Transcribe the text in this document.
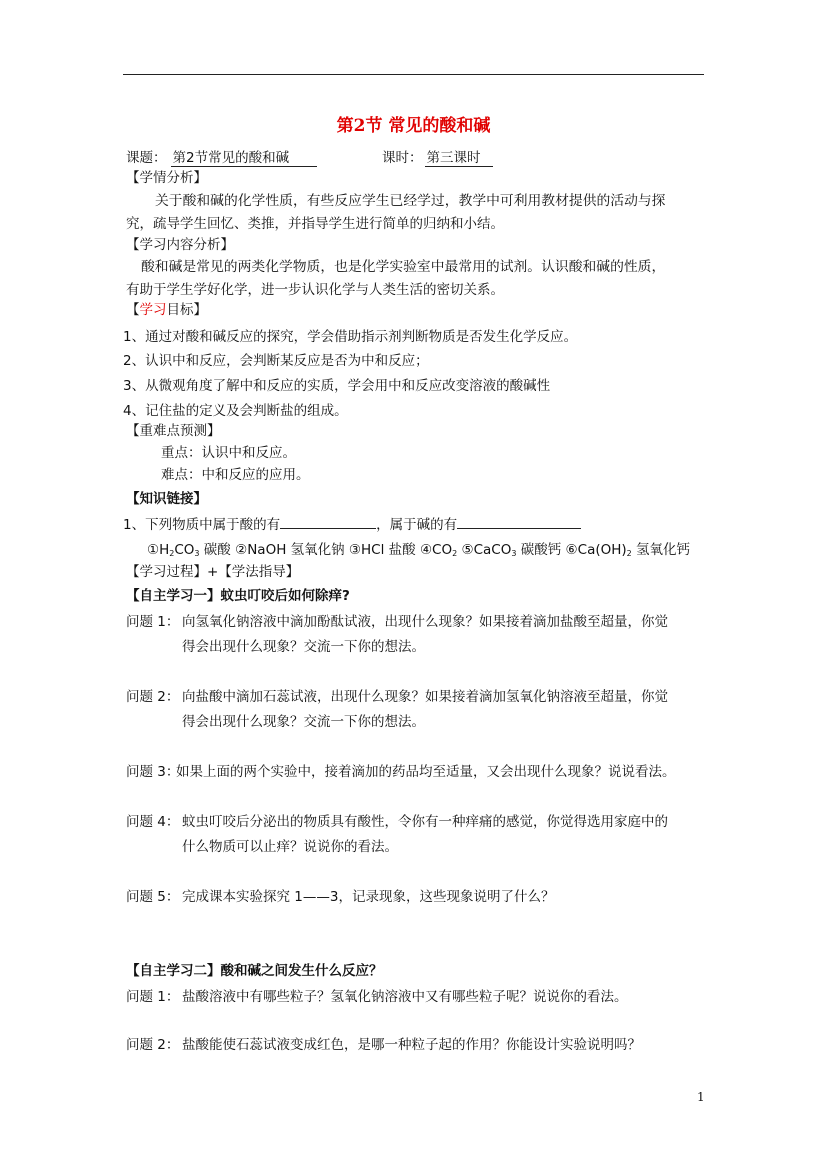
第2节 常见的酸和碱
课题： 第2节常见的酸和碱	课时： 第三课时
【学情分析】
关于酸和碱的化学性质，有些反应学生已经学过，教学中可利用教材提供的活动与探
究，疏导学生回忆、类推，并指导学生进行简单的归纳和小结。
【学习内容分析】
酸和碱是常见的两类化学物质，也是化学实验室中最常用的试剂。认识酸和碱的性质，
有助于学生学好化学，进一步认识化学与人类生活的密切关系。
【学习目标】
1、通过对酸和碱反应的探究，学会借助指示剂判断物质是否发生化学反应。
2、认识中和反应，会判断某反应是否为中和反应；
3、从微观角度了解中和反应的实质，学会用中和反应改变溶液的酸碱性
4、记住盐的定义及会判断盐的组成。
【重难点预测】
重点：认识中和反应。
难点：中和反应的应用。
【知识链接】
1、下列物质中属于酸的有	，属于碱的有
$①H_2CO_3$ 碳酸 ②NaOH 氢氧化钠 ③HCl 盐酸 $④CO_2$ ⑤CaCO$_3$ 碳酸钙 $⑥Ca(OH)_2$ 氢氧化钙
【学习过程】+【学法指导】
【自主学习一】蚊虫叮咬后如何除痒?
问题 1： 向氢氧化钠溶液中滴加酚酞试液，出现什么现象？如果接着滴加盐酸至超量，你觉
得会出现什么现象？交流一下你的想法。
问题 2： 向盐酸中滴加石蕊试液，出现什么现象？如果接着滴加氢氧化钠溶液至超量，你觉
得会出现什么现象？交流一下你的想法。
问题 3：
如果上面的两个实验中，接着滴加的药品均至适量，又会出现什么现象？说说看法。
问题 4： 蚊虫叮咬后分泌出的物质具有酸性，令你有一种痒痛的感觉，你觉得选用家庭中的
什么物质可以止痒？说说你的看法。
问题 5： 完成课本实验探究 1——3，记录现象，这些现象说明了什么？
【自主学习二】酸和碱之间发生什么反应？
问题 1： 盐酸溶液中有哪些粒子？氢氧化钠溶液中又有哪些粒子呢？说说你的看法。
问题 2： 盐酸能使石蕊试液变成红色，是哪一种粒子起的作用？你能设计实验说明吗？
1
